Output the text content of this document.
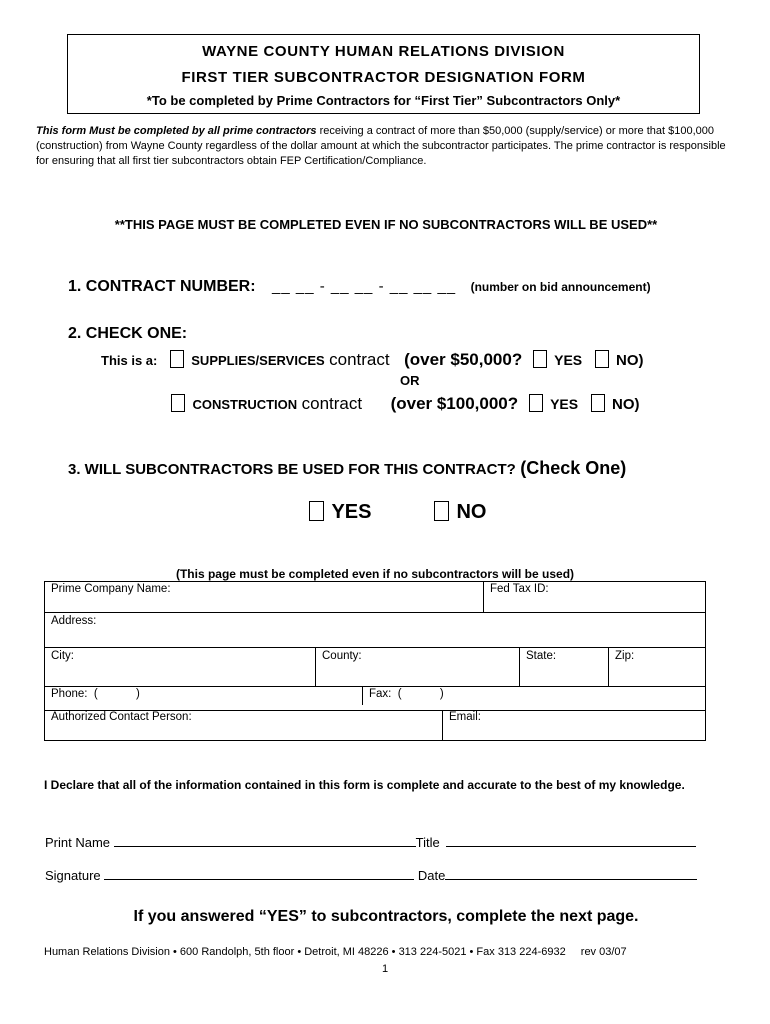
WAYNE COUNTY HUMAN RELATIONS DIVISION
FIRST TIER SUBCONTRACTOR DESIGNATION FORM
*To be completed by Prime Contractors for “First Tier” Subcontractors Only*
This form Must be completed by all prime contractors receiving a contract of more than $50,000 (supply/service) or more that $100,000 (construction) from Wayne County regardless of the dollar amount at which the subcontractor participates. The prime contractor is responsible for ensuring that all first tier subcontractors obtain FEP Certification/Compliance.
**THIS PAGE MUST BE COMPLETED EVEN IF NO SUBCONTRACTORS WILL BE USED**
1. CONTRACT NUMBER: __ __ - __ __ - __ __ __ (number on bid announcement)
2. CHECK ONE:
This is a:	SUPPLIES/SERVICES contract (over $50,000? YES NO)
OR
CONSTRUCTION contract (over $100,000? YES NO)
3. WILL SUBCONTRACTORS BE USED FOR THIS CONTRACT? (Check One)
YES	NO
(This page must be completed even if no subcontractors will be used)
Prime Company Name:	Fed Tax ID:

Address:

City:	County:	State:	Zip:

Phone:  (            )	Fax:  (            )

Authorized Contact Person:	Email:
I Declare that all of the information contained in this form is complete and accurate to the best of my knowledge.
Print Name	Title
Signature	Date
If you answered “YES” to subcontractors, complete the next page.
Human Relations Division • 600 Randolph, 5th floor • Detroit, MI 48226 • 313 224-5021 • Fax 313 224-6932 rev 03/07
1
